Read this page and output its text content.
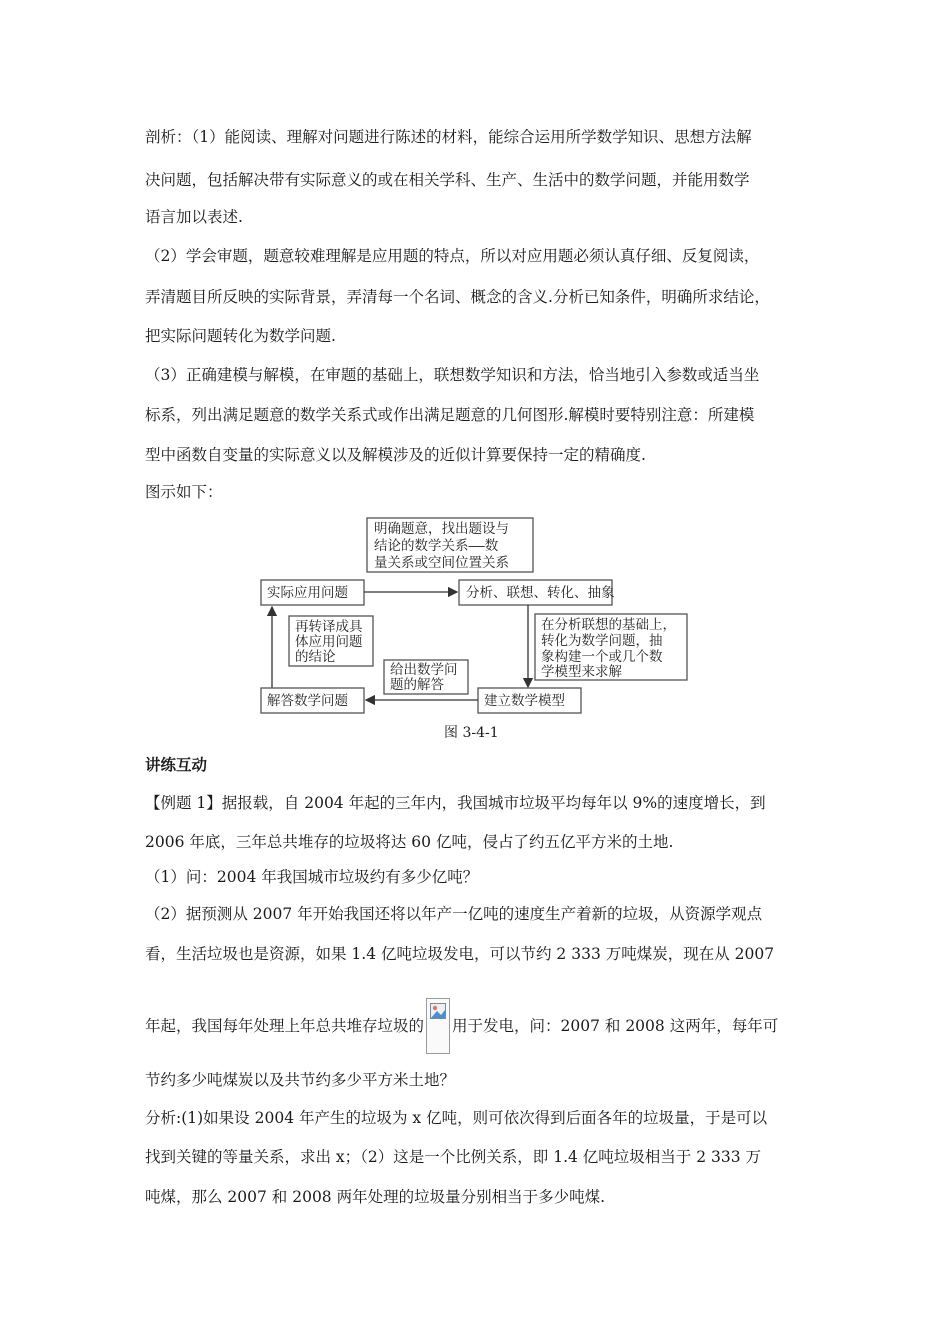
剖析：（1）能阅读、理解对问题进行陈述的材料，能综合运用所学数学知识、思想方法解
决问题，包括解决带有实际意义的或在相关学科、生产、生活中的数学问题，并能用数学
语言加以表述.
（2）学会审题，题意较难理解是应用题的特点，所以对应用题必须认真仔细、反复阅读，
弄清题目所反映的实际背景，弄清每一个名词、概念的含义.分析已知条件，明确所求结论，
把实际问题转化为数学问题.
（3）正确建模与解模，在审题的基础上，联想数学知识和方法，恰当地引入参数或适当坐
标系，列出满足题意的数学关系式或作出满足题意的几何图形.解模时要特别注意：所建模
型中函数自变量的实际意义以及解模涉及的近似计算要保持一定的精确度.
图示如下：
明确题意，找出题设与
结论的数学关系——数
量关系或空间位置关系
实际应用问题	分析、联想、转化、抽象
在分析联想的基础上，
转化为数学问题，抽
象构建一个或几个数
学模型来求解
再转译成具
体应用问题
的结论
给出数学问
题的解答
解答数学问题	建立数学模型
图 3-4-1
讲练互动
【例题 1】据报载，自 2004 年起的三年内，我国城市垃圾平均每年以 9%的速度增长，到
2006 年底，三年总共堆存的垃圾将达 60 亿吨，侵占了约五亿平方米的土地.
（1）问：2004 年我国城市垃圾约有多少亿吨？
（2）据预测从 2007 年开始我国还将以年产一亿吨的速度生产着新的垃圾，从资源学观点
看，生活垃圾也是资源，如果 1.4 亿吨垃圾发电，可以节约 2 333 万吨煤炭，现在从 2007
年起，我国每年处理上年总共堆存垃圾的 用于发电，问：2007 和 2008 这两年，每年可
节约多少吨煤炭以及共节约多少平方米土地？
分析:(1)如果设 2004 年产生的垃圾为 x 亿吨，则可依次得到后面各年的垃圾量，于是可以
找到关键的等量关系，求出 x；（2）这是一个比例关系，即 1.4 亿吨垃圾相当于 2 333 万
吨煤，那么 2007 和 2008 两年处理的垃圾量分别相当于多少吨煤.
